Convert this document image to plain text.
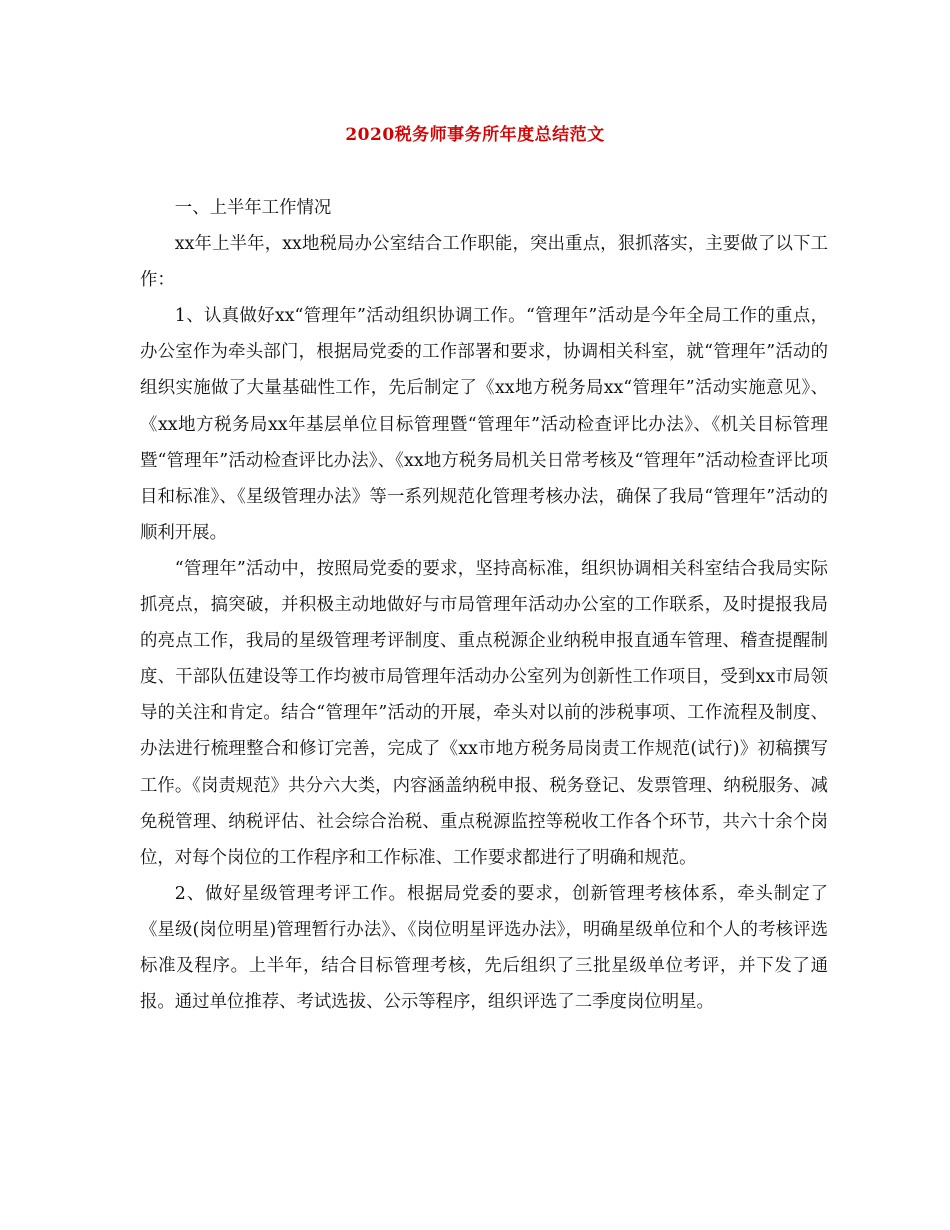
2020税务师事务所年度总结范文

一、上半年工作情况

xx年上半年，xx地税局办公室结合工作职能，突出重点，狠抓落实，主要做了以下工作：

1、认真做好xx“管理年”活动组织协调工作。“管理年”活动是今年全局工作的重点，办公室作为牵头部门，根据局党委的工作部署和要求，协调相关科室，就“管理年”活动的组织实施做了大量基础性工作，先后制定了《xx地方税务局xx“管理年”活动实施意见》、《xx地方税务局xx年基层单位目标管理暨“管理年”活动检查评比办法》、《机关目标管理暨“管理年”活动检查评比办法》、《xx地方税务局机关日常考核及“管理年”活动检查评比项目和标准》、《星级管理办法》等一系列规范化管理考核办法，确保了我局“管理年”活动的顺利开展。

“管理年”活动中，按照局党委的要求，坚持高标准，组织协调相关科室结合我局实际抓亮点，搞突破，并积极主动地做好与市局管理年活动办公室的工作联系，及时提报我局的亮点工作，我局的星级管理考评制度、重点税源企业纳税申报直通车管理、稽查提醒制度、干部队伍建设等工作均被市局管理年活动办公室列为创新性工作项目，受到xx市局领导的关注和肯定。结合“管理年”活动的开展，牵头对以前的涉税事项、工作流程及制度、办法进行梳理整合和修订完善，完成了《xx市地方税务局岗责工作规范(试行)》初稿撰写工作。《岗责规范》共分六大类，内容涵盖纳税申报、税务登记、发票管理、纳税服务、减免税管理、纳税评估、社会综合治税、重点税源监控等税收工作各个环节，共六十余个岗位，对每个岗位的工作程序和工作标准、工作要求都进行了明确和规范。

2、做好星级管理考评工作。根据局党委的要求，创新管理考核体系，牵头制定了《星级(岗位明星)管理暂行办法》、《岗位明星评选办法》，明确星级单位和个人的考核评选标准及程序。上半年，结合目标管理考核，先后组织了三批星级单位考评，并下发了通报。通过单位推荐、考试选拔、公示等程序，组织评选了二季度岗位明星。
